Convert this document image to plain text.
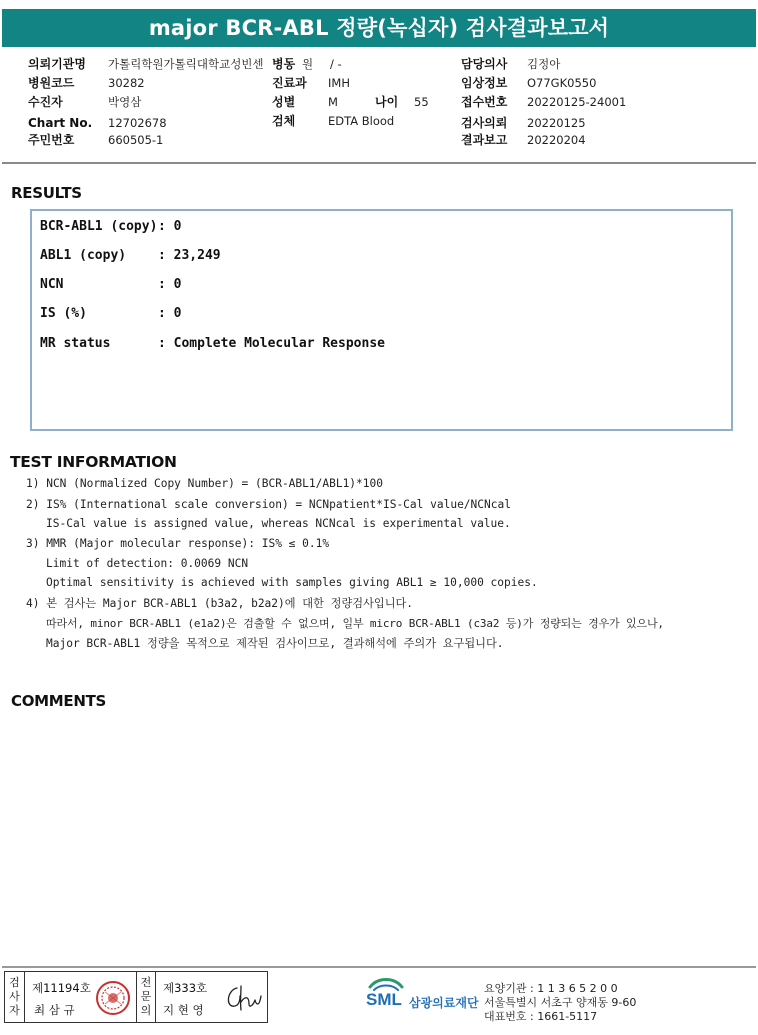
major BCR-ABL 정량(녹십자) 검사결과보고서
의뢰기관명 가톨릭학원가톨릭대학교성빈센 병동 원 / -	담당의사 김정아
병원코드	30282	진료과 IMH	임상정보 O77GK0550
수진자	박영삼	성별	M	나이 55	접수번호 20220125-24001
Chart No. 12702678	검체	EDTA Blood	검사의뢰 20220125
주민번호	660505-1	결과보고 20220204
RESULTS
BCR-ABL1 (copy) : 0
ABL1 (copy) : 23,249
NCN	: 0
IS (%)	: 0
MR status	: Complete Molecular Response
TEST INFORMATION
1) NCN (Normalized Copy Number) = (BCR-ABL1/ABL1)*100
2) IS% (International scale conversion) = NCNpatient*IS-Cal value/NCNcal
IS-Cal value is assigned value, whereas NCNcal is experimental value.
3) MMR (Major molecular response): IS% ≤ 0.1%
Limit of detection: 0.0069 NCN
Optimal sensitivity is achieved with samples giving ABL1 ≥ 10,000 copies.
4) 본 검사는 Major BCR-ABL1 (b3a2, b2a2)에 대한 정량검사입니다.
따라서, minor BCR-ABL1 (e1a2)은 검출할 수 없으며, 일부 micro BCR-ABL1 (c3a2 등)가 정량되는 경우가 있으나,
Major BCR-ABL1 정량을 목적으로 제작된 검사이므로, 결과해석에 주의가 요구됩니다.
COMMENTS
검
사
자
제11194호
최 삼 규
전
문
의
제333호
지 현 영
SML 삼광의료재단
요양기관 : 1 1 3 6 5 2 0 0
서울특별시 서초구 양재동 9-60
대표번호 : 1661-5117
